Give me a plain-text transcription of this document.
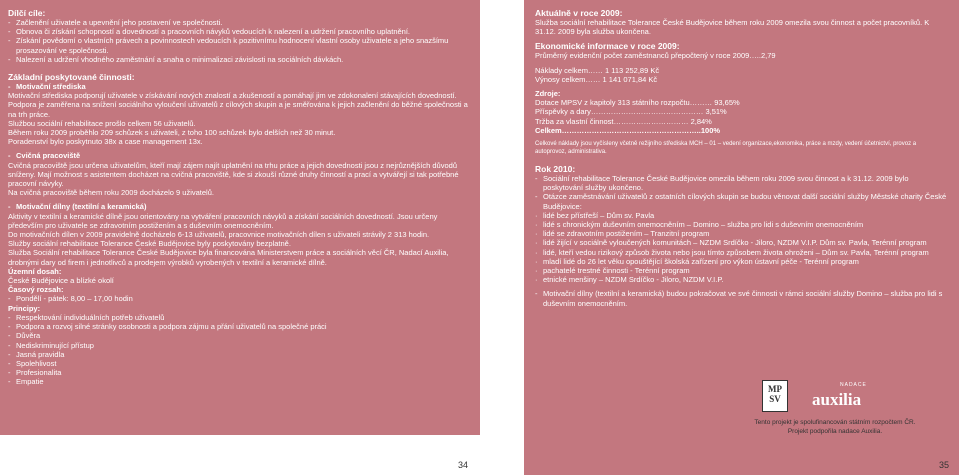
Dílčí cíle:
- Začlenění uživatele a upevnění jeho postavení ve společnosti.
- Obnova či získání schopností a dovedností a pracovních návyků vedoucích k nalezení a udržení pracovního uplatnění.
- Získání povědomí o vlastních právech a povinnostech vedoucích k pozitivnímu hodnocení vlastní osoby uživatele a jeho snazšímu prosazování ve společnosti.
- Nalezení a udržení vhodného zaměstnání a snaha o minimalizaci závislosti na sociálních dávkách.
Základní poskytované činnosti:
- Motivační střediska
Motivační střediska podporují uživatele v získávání nových znalostí a zkušeností a pomáhají jim ve zdokonalení stávajících dovedností. Podpora je zaměřena na snížení sociálního vyloučení uživatelů z cílových skupin a je směřována k jejich začlenění do běžné společnosti a na trh práce.
Službou sociální rehabilitace prošlo celkem 56 uživatelů.
Během roku 2009 proběhlo 209 schůzek s uživateli, z toho 100 schůzek bylo delších než 30 minut.
Poradenství bylo poskytnuto 38x a case management 13x.
- Cvičná pracoviště
Cvičná pracoviště jsou určena uživatelům, kteří mají zájem najít uplatnění na trhu práce a jejich dovednosti jsou z nejrůznějších důvodů sníženy. Mají možnost s asistentem docházet na cvičná pracoviště, kde si zkouší různé druhy činností a prací a vytvářejí si tak potřebné pracovní návyky.
Na cvičná pracoviště během roku 2009 docházelo 9 uživatelů.
- Motivační dílny (textilní a keramická)
Aktivity v textilní a keramické dílně jsou orientovány na vytváření pracovních návyků a získání sociálních dovedností. Jsou určeny především pro uživatele se zdravotním postižením a s duševním onemocněním.
Do motivačních dílen v 2009 pravidelně docházelo 6-13 uživatelů, pracovnice motivačních dílen s uživateli strávily 2 313 hodin.
Služby sociální rehabilitace Tolerance České Budějovice byly poskytovány bezplatně.
Služba Sociální rehabilitace Tolerance České Budějovice byla financována Ministerstvem práce a sociálních věcí ČR, Nadací Auxilia, drobnými dary od firem i jednotlivců a prodejem výrobků vyrobených v textilní a keramické dílně.
Územní dosah:
České Budějovice a blízké okolí
Časový rozsah:
- Pondělí - pátek: 8,00 – 17,00 hodin
Principy:
- Respektování individuálních potřeb uživatelů
- Podpora a rozvoj silné stránky osobnosti a podpora zájmu a přání uživatelů na společné práci
- Důvěra
- Nediskriminující přístup
- Jasná pravidla
- Spolehlivost
- Profesionalita
- Empatie
34
Aktuálně v roce 2009:
Služba sociální rehabilitace Tolerance České Budějovice během roku 2009 omezila svou činnost a počet pracovníků. K 31.12. 2009 byla služba ukončena.
Ekonomické informace v roce 2009:
Průměrný evidenční počet zaměstnanců přepočtený v roce 2009…..2,79
Náklady celkem…… 1 113 252,89 Kč
Výnosy celkem…… 1 141 071,84 Kč
Zdroje:
Dotace MPSV z kapitoly 313 státního rozpočtu……… 93,65%
Příspěvky a dary……………………………………… 3,51%
Tržba za vlastní činnost………………………… 2,84%
Celkem………………………………………………..100%
Celkové náklady jsou vyčísleny včetně režijního střediska MCH – 01 – vedení organizace,ekonomika, práce a mzdy, vedení účetnictví, provoz a autoprovoz, administrativa.
Rok 2010:
- Sociální rehabilitace Tolerance České Budějovice omezila během roku 2009 svou činnost a k 31.12. 2009 bylo poskytování služby ukončeno.
- Otázce zaměstnávání uživatelů z ostatních cílových skupin se budou věnovat další sociální služby Městské charity České Budějovice:
· lidé bez přístřeší – Dům sv. Pavla
· lidé s chronickým duševním onemocněním – Domino – služba pro lidi s duševním onemocněním
· lidé se zdravotním postižením – Tranzitní program
· lidé žijící v sociálně vyloučených komunitách – NZDM Srdíčko - Jiloro, NZDM V.I.P. Dům sv. Pavla, Terénní program
· lidé, kteří vedou rizikový způsob života nebo jsou tímto způsobem života ohroženi – Dům sv. Pavla, Terénní program
· mladí lidé do 26 let věku opouštějící školská zařízení pro výkon ústavní péče - Terénní program
· pachatelé trestné činnosti - Terénní program
· etnické menšiny – NZDM Srdíčko - Jiloro, NZDM V.I.P.
- Motivační dílny (textilní a keramická) budou pokračovat ve své činnosti v rámci sociální služby Domino – služba pro lidi s duševním onemocněním.
MP SV
NADACE
auxilia
Tento projekt je spolufinancován státním rozpočtem ČR.
Projekt podpořila nadace Auxilia.
35
